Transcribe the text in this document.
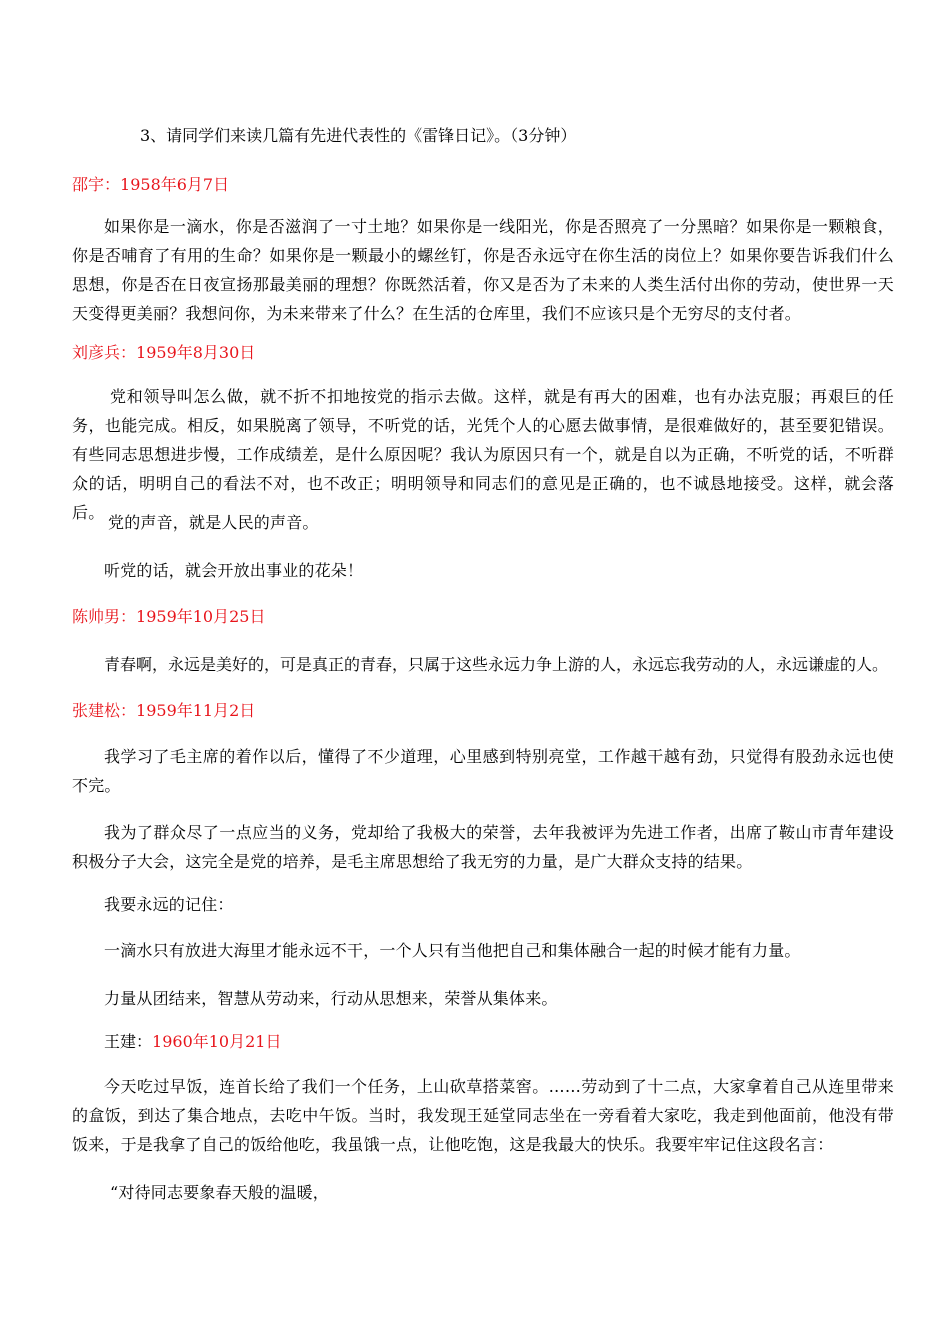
3、请同学们来读几篇有先进代表性的《雷锋日记》。（3分钟）

邵宇：1958年6月7日

如果你是一滴水，你是否滋润了一寸土地？如果你是一线阳光，你是否照亮了一分黑暗？如果你是一颗粮食，你是否哺育了有用的生命？如果你是一颗最小的螺丝钉，你是否永远守在你生活的岗位上？如果你要告诉我们什么思想，你是否在日夜宣扬那最美丽的理想？你既然活着，你又是否为了未来的人类生活付出你的劳动，使世界一天天变得更美丽？我想问你，为未来带来了什么？在生活的仓库里，我们不应该只是个无穷尽的支付者。

刘彦兵：1959年8月30日

党和领导叫怎么做，就不折不扣地按党的指示去做。这样，就是有再大的困难，也有办法克服；再艰巨的任务，也能完成。相反，如果脱离了领导，不听党的话，光凭个人的心愿去做事情，是很难做好的，甚至要犯错误。有些同志思想进步慢，工作成绩差，是什么原因呢？我认为原因只有一个，就是自以为正确，不听党的话，不听群众的话，明明自己的看法不对，也不改正；明明领导和同志们的意见是正确的，也不诚恳地接受。这样，就会落后。

党的声音，就是人民的声音。

听党的话，就会开放出事业的花朵！

陈帅男：1959年10月25日

青春啊，永远是美好的，可是真正的青春，只属于这些永远力争上游的人，永远忘我劳动的人，永远谦虚的人。

张建松：1959年11月2日

我学习了毛主席的着作以后，懂得了不少道理，心里感到特别亮堂，工作越干越有劲，只觉得有股劲永远也使不完。

我为了群众尽了一点应当的义务，党却给了我极大的荣誉，去年我被评为先进工作者，出席了鞍山市青年建设积极分子大会，这完全是党的培养，是毛主席思想给了我无穷的力量，是广大群众支持的结果。

我要永远的记住：

一滴水只有放进大海里才能永远不干，一个人只有当他把自己和集体融合一起的时候才能有力量。

力量从团结来，智慧从劳动来，行动从思想来，荣誉从集体来。

王建：1960年10月21日

今天吃过早饭，连首长给了我们一个任务，上山砍草搭菜窖。……劳动到了十二点，大家拿着自己从连里带来的盒饭，到达了集合地点，去吃中午饭。当时，我发现王延堂同志坐在一旁看着大家吃，我走到他面前，他没有带饭来，于是我拿了自己的饭给他吃，我虽饿一点，让他吃饱，这是我最大的快乐。我要牢牢记住这段名言：

“对待同志要象春天般的温暖，
